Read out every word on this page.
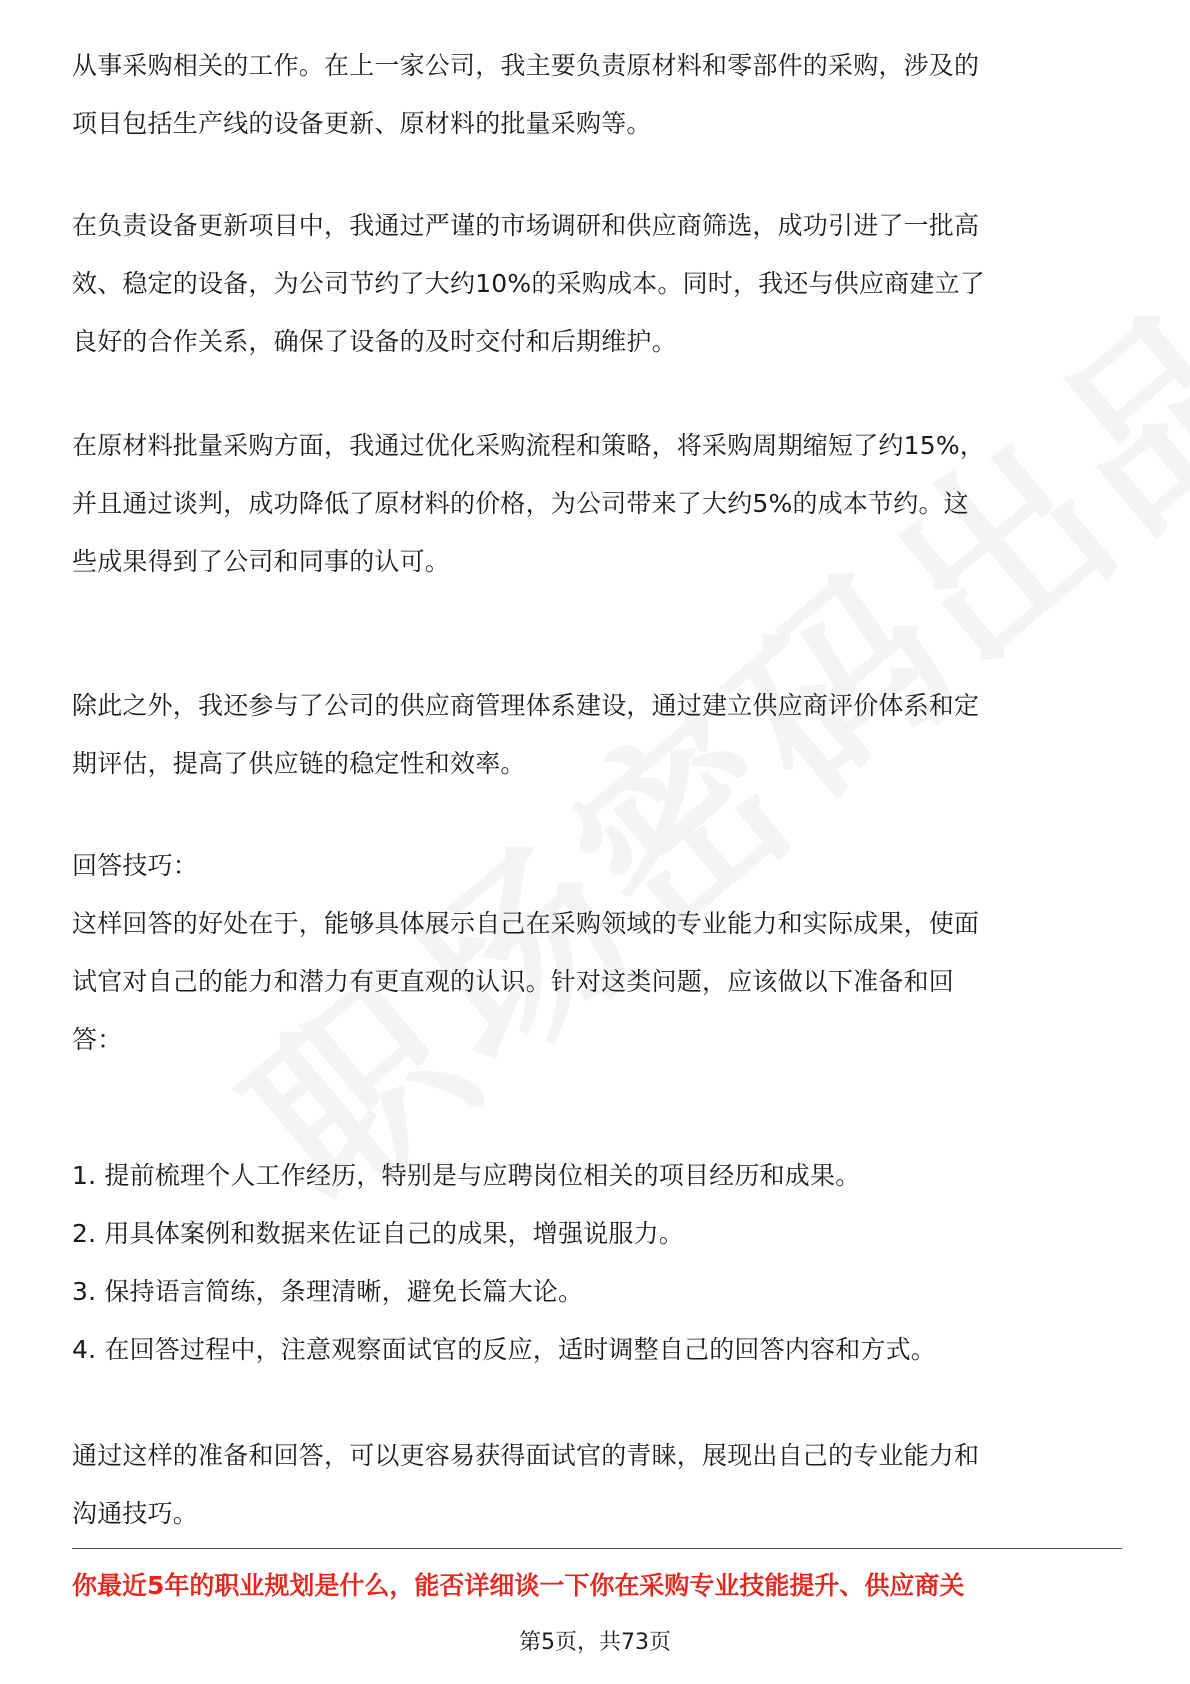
从事采购相关的工作。在上一家公司，我主要负责原材料和零部件的采购，涉及的

项目包括生产线的设备更新、原材料的批量采购等。

在负责设备更新项目中，我通过严谨的市场调研和供应商筛选，成功引进了一批高

效、稳定的设备，为公司节约了大约10%的采购成本。同时，我还与供应商建立了

良好的合作关系，确保了设备的及时交付和后期维护。

在原材料批量采购方面，我通过优化采购流程和策略，将采购周期缩短了约15%，

并且通过谈判，成功降低了原材料的价格，为公司带来了大约5%的成本节约。这

些成果得到了公司和同事的认可。

除此之外，我还参与了公司的供应商管理体系建设，通过建立供应商评价体系和定

期评估，提高了供应链的稳定性和效率。

回答技巧：

这样回答的好处在于，能够具体展示自己在采购领域的专业能力和实际成果，使面

试官对自己的能力和潜力有更直观的认识。针对这类问题，应该做以下准备和回

答：

1. 提前梳理个人工作经历，特别是与应聘岗位相关的项目经历和成果。

2. 用具体案例和数据来佐证自己的成果，增强说服力。

3. 保持语言简练，条理清晰，避免长篇大论。

4. 在回答过程中，注意观察面试官的反应，适时调整自己的回答内容和方式。

通过这样的准备和回答，可以更容易获得面试官的青睐，展现出自己的专业能力和

沟通技巧。

你最近5年的职业规划是什么，能否详细谈一下你在采购专业技能提升、供应商关
第5页，共73页
